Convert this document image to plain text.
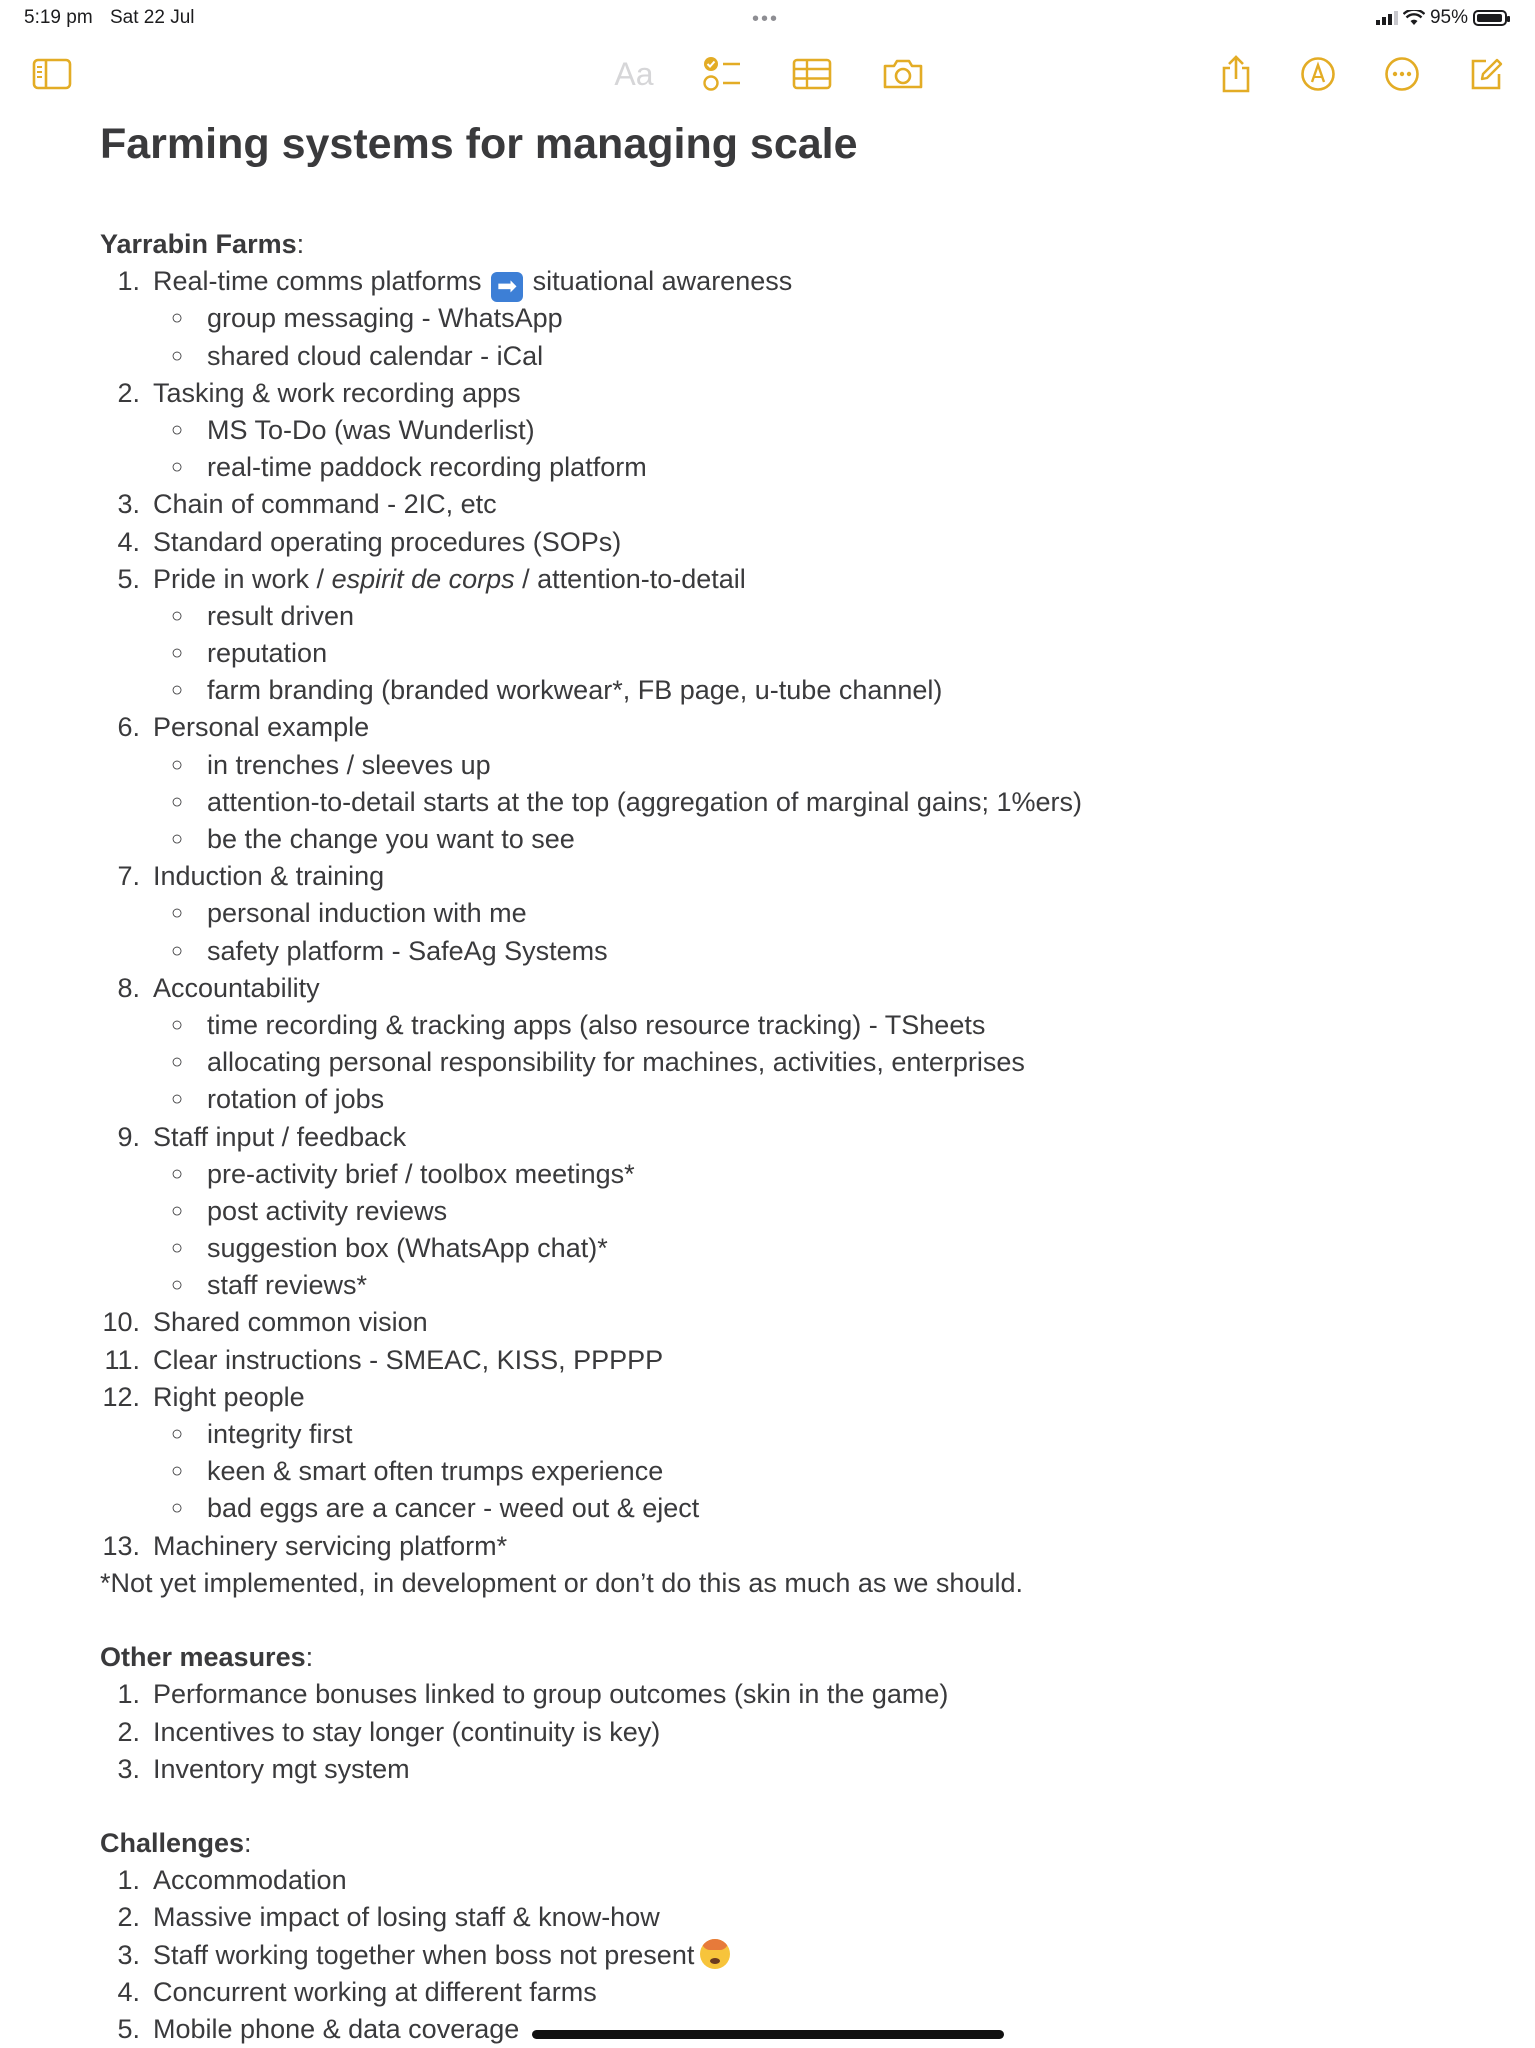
5:19 pm Sat 22 Jul	•••	95%
Aa
Farming systems for managing scale
Yarrabin Farms:
1. Real-time comms platforms ➡ situational awareness
○ group messaging - WhatsApp
○ shared cloud calendar - iCal
2. Tasking & work recording apps
○ MS To-Do (was Wunderlist)
○ real-time paddock recording platform
3. Chain of command - 2IC, etc
4. Standard operating procedures (SOPs)
5. Pride in work / espirit de corps / attention-to-detail
○ result driven
○ reputation
○ farm branding (branded workwear*, FB page, u-tube channel)
6. Personal example
○ in trenches / sleeves up
○ attention-to-detail starts at the top (aggregation of marginal gains; 1%ers)
○ be the change you want to see
7. Induction & training
○ personal induction with me
○ safety platform - SafeAg Systems
8. Accountability
○ time recording & tracking apps (also resource tracking) - TSheets
○ allocating personal responsibility for machines, activities, enterprises
○ rotation of jobs
9. Staff input / feedback
○ pre-activity brief / toolbox meetings*
○ post activity reviews
○ suggestion box (WhatsApp chat)*
○ staff reviews*
10. Shared common vision
11. Clear instructions - SMEAC, KISS, PPPPP
12. Right people
○ integrity first
○ keen & smart often trumps experience
○ bad eggs are a cancer - weed out & eject
13. Machinery servicing platform*
*Not yet implemented, in development or don’t do this as much as we should.
Other measures:
1. Performance bonuses linked to group outcomes (skin in the game)
2. Incentives to stay longer (continuity is key)
3. Inventory mgt system
Challenges:
1. Accommodation
2. Massive impact of losing staff & know-how
3. Staff working together when boss not present
4. Concurrent working at different farms
5. Mobile phone & data coverage
